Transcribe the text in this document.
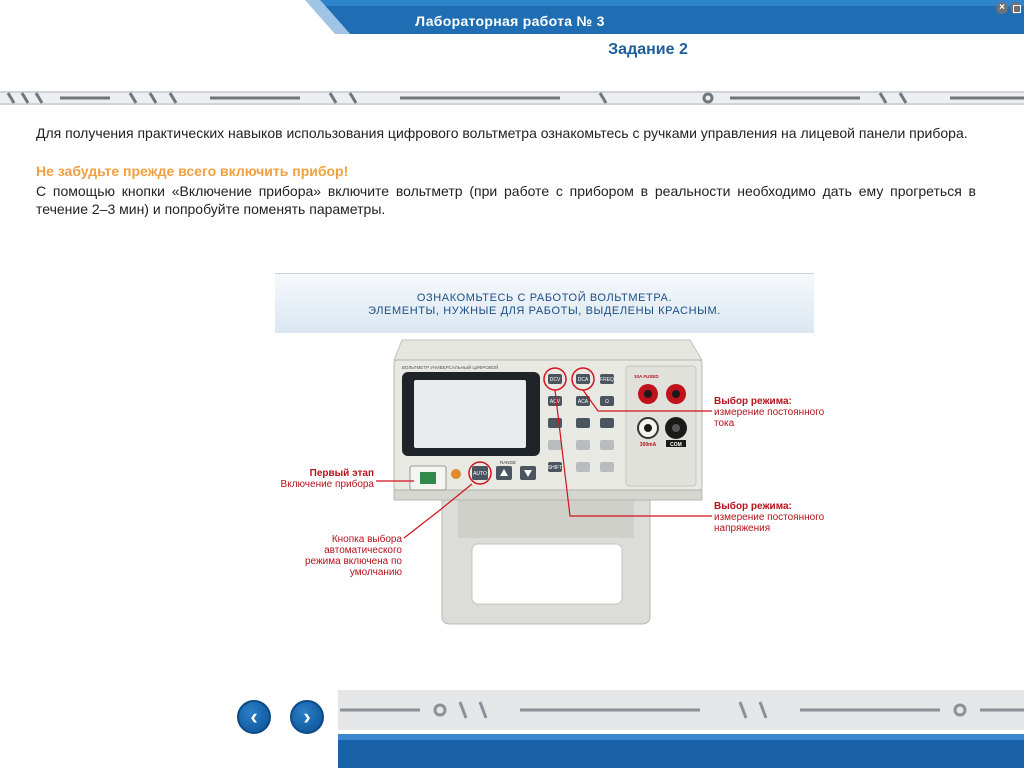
Лабораторная работа № 3
×
Задание 2

Для получения практических навыков использования цифрового вольтметра ознакомьтесь с ручками управления на лицевой панели прибора.

Не забудьте прежде всего включить прибор!

С помощью кнопки «Включение прибора» включите вольтметр (при работе с прибором в реальности необходимо дать ему прогреться в течение 2–3 мин) и попробуйте поменять параметры.

ОЗНАКОМЬТЕСЬ С РАБОТОЙ ВОЛЬТМЕТРА.
ЭЛЕМЕНТЫ, НУЖНЫЕ ДЛЯ РАБОТЫ, ВЫДЕЛЕНЫ КРАСНЫМ.
ВОЛЬТМЕТР УНИВЕРСАЛЬНЫЙ ЦИФРОВОЙ
DCV	DCA FREQ
ACV	ACA	Ω
SHIFT
AUTO
RANGE
10A FUSED
300mA	COM
Первый этап
Включение прибора
Кнопка выбора автоматического режима включена по умолчанию
Выбор режима:
измерение постоянного тока
Выбор режима:
измерение постоянного напряжения
‹	›
